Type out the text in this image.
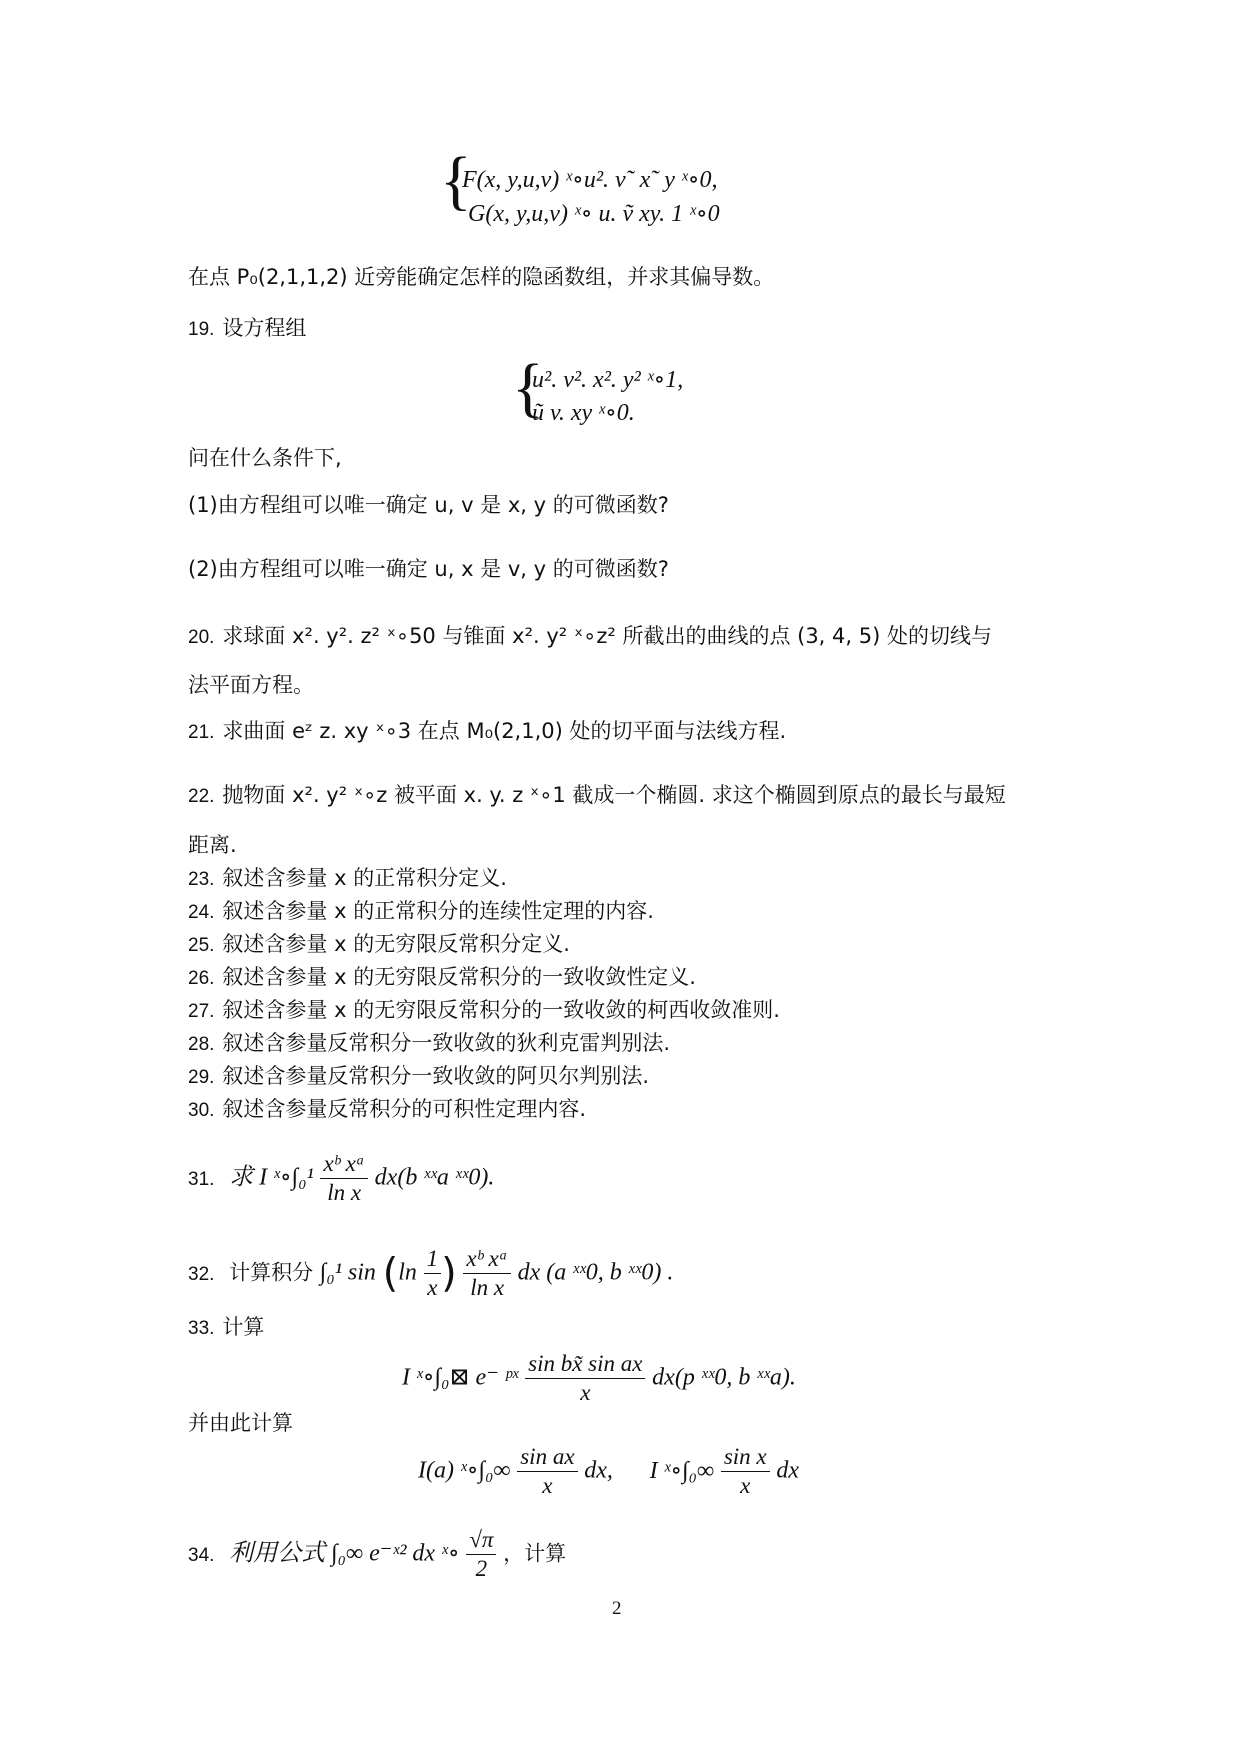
{
F(x, y,u,v) ˣ∘u². v˜ x˜ y ˣ∘0,
G(x, y,u,v) ˣ∘ u. ṽ xy. 1 ˣ∘0
在点 P₀(2,1,1,2) 近旁能确定怎样的隐函数组，并求其偏导数。
19. 设方程组
{
u². v². x². y² ˣ∘1,
ũ v. xy ˣ∘0.
问在什么条件下,
(1)由方程组可以唯一确定 u, v 是 x, y 的可微函数?
(2)由方程组可以唯一确定 u, x 是 v, y 的可微函数?
20. 求球面 x². y². z² ˣ∘50 与锥面 x². y² ˣ∘z² 所截出的曲线的点 (3, 4, 5) 处的切线与
法平面方程。
21. 求曲面 eᶻ z. xy ˣ∘3 在点 M₀(2,1,0) 处的切平面与法线方程.
22. 抛物面 x². y² ˣ∘z 被平面 x. y. z ˣ∘1 截成一个椭圆. 求这个椭圆到原点的最长与最短
距离.
23. 叙述含参量 x 的正常积分定义.
24. 叙述含参量 x 的正常积分的连续性定理的内容.
25. 叙述含参量 x 的无穷限反常积分定义.
26. 叙述含参量 x 的无穷限反常积分的一致收敛性定义.
27. 叙述含参量 x 的无穷限反常积分的一致收敛的柯西收敛准则.
28. 叙述含参量反常积分一致收敛的狄利克雷判别法.
29. 叙述含参量反常积分一致收敛的阿贝尔判别法.
30. 叙述含参量反常积分的可积性定理内容.
31. 求 I ˣ∘∫₀¹ $\frac{\text{xᵇ xᵃ}}{\text{ln x}} dx(b$ ˣˣa ˣˣ0).
32. 计算积分 ∫₀¹ $\sin (\ln \frac{1}{x}$ ) $\frac{\text{xᵇ xᵃ}}{\text{ln x}}$ dx (a ˣˣ0, b ˣˣ0) .
33. 计算
I ˣ∘∫₀⊠ e⁻ ᵖˣ $\frac{\text{sin bx̃ sin ax}}{x} dx(p$ ˣˣ0, b ˣˣa).
并由此计算
I(a) ˣ∘∫₀∞ $\frac{\text{sin ax}}{x}$ dx, I ˣ∘∫₀∞ $\frac{\text{sin x}}{x}$ dx
34. 利用公式 ∫₀∞ e⁻ˣ² dx ˣ∘ $\frac{√\pi}{2}$ ，计算
2
